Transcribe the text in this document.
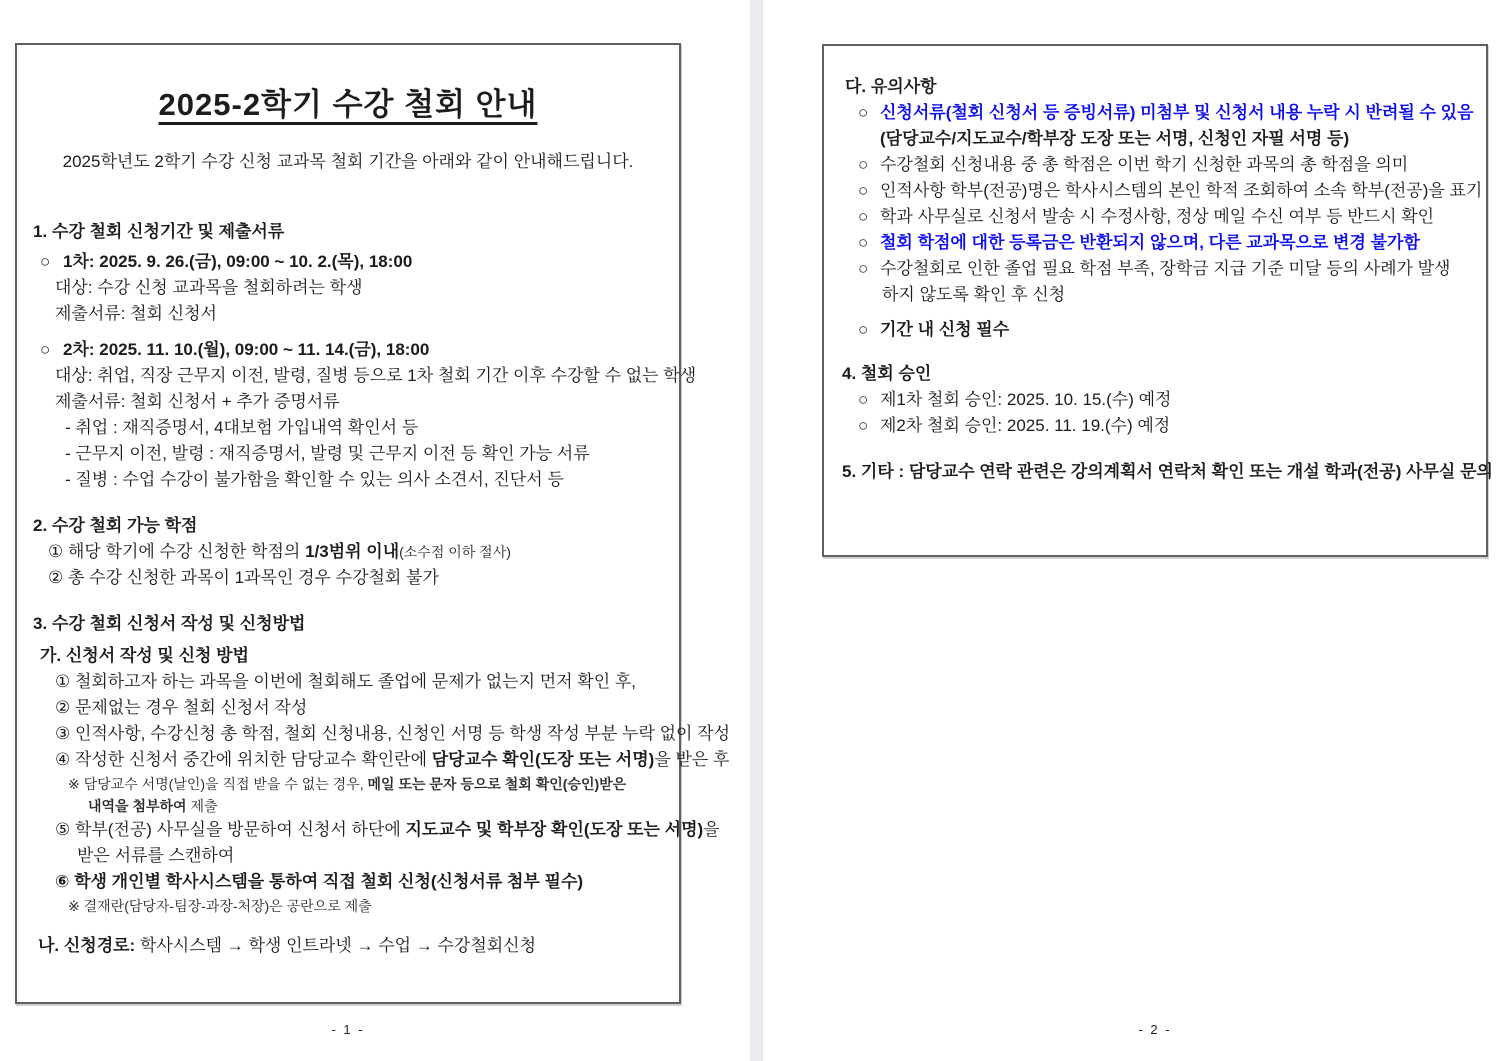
2025-2학기 수강 철회 안내

2025학년도 2학기 수강 신청 교과목 철회 기간을 아래와 같이 안내해드립니다.

1. 수강 철회 신청기간 및 제출서류

○ 1차: 2025. 9. 26.(금), 09:00 ~ 10. 2.(목), 18:00

대상: 수강 신청 교과목을 철회하려는 학생

제출서류: 철회 신청서

○ 2차: 2025. 11. 10.(월), 09:00 ~ 11. 14.(금), 18:00

대상: 취업, 직장 근무지 이전, 발령, 질병 등으로 1차 철회 기간 이후 수강할 수 없는 학생

제출서류: 철회 신청서 + 추가 증명서류

- 취업 : 재직증명서, 4대보험 가입내역 확인서 등

- 근무지 이전, 발령 : 재직증명서, 발령 및 근무지 이전 등 확인 가능 서류

- 질병 : 수업 수강이 불가함을 확인할 수 있는 의사 소견서, 진단서 등

2. 수강 철회 가능 학점

① 해당 학기에 수강 신청한 학점의 1/3범위 이내(소수점 이하 절사)

② 총 수강 신청한 과목이 1과목인 경우 수강철회 불가

3. 수강 철회 신청서 작성 및 신청방법

가. 신청서 작성 및 신청 방법

① 철회하고자 하는 과목을 이번에 철회해도 졸업에 문제가 없는지 먼저 확인 후,

② 문제없는 경우 철회 신청서 작성

③ 인적사항, 수강신청 총 학점, 철회 신청내용, 신청인 서명 등 학생 작성 부분 누락 없이 작성

④ 작성한 신청서 중간에 위치한 담당교수 확인란에 담당교수 확인(도장 또는 서명)을 받은 후

※ 담당교수 서명(날인)을 직접 받을 수 없는 경우, 메일 또는 문자 등으로 철회 확인(승인)받은

내역을 첨부하여 제출

⑤ 학부(전공) 사무실을 방문하여 신청서 하단에 지도교수 및 학부장 확인(도장 또는 서명)을

받은 서류를 스캔하여

⑥ 학생 개인별 학사시스템을 통하여 직접 철회 신청(신청서류 첨부 필수)

※ 결재란(담당자-팀장-과장-처장)은 공란으로 제출

나. 신청경로: 학사시스템 → 학생 인트라넷 → 수업 → 수강철회신청

- 1 -

다. 유의사항

○ 신청서류(철회 신청서 등 증빙서류) 미첨부 및 신청서 내용 누락 시 반려될 수 있음

(담당교수/지도교수/학부장 도장 또는 서명, 신청인 자필 서명 등)

○ 수강철회 신청내용 중 총 학점은 이번 학기 신청한 과목의 총 학점을 의미

○ 인적사항 학부(전공)명은 학사시스템의 본인 학적 조회하여 소속 학부(전공)을 표기

○ 학과 사무실로 신청서 발송 시 수정사항, 정상 메일 수신 여부 등 반드시 확인

○ 철회 학점에 대한 등록금은 반환되지 않으며, 다른 교과목으로 변경 불가함

○ 수강철회로 인한 졸업 필요 학점 부족, 장학금 지급 기준 미달 등의 사례가 발생

하지 않도록 확인 후 신청

○ 기간 내 신청 필수

4. 철회 승인

○ 제1차 철회 승인: 2025. 10. 15.(수) 예정

○ 제2차 철회 승인: 2025. 11. 19.(수) 예정

5. 기타 : 담당교수 연락 관련은 강의계획서 연락처 확인 또는 개설 학과(전공) 사무실 문의

- 2 -
